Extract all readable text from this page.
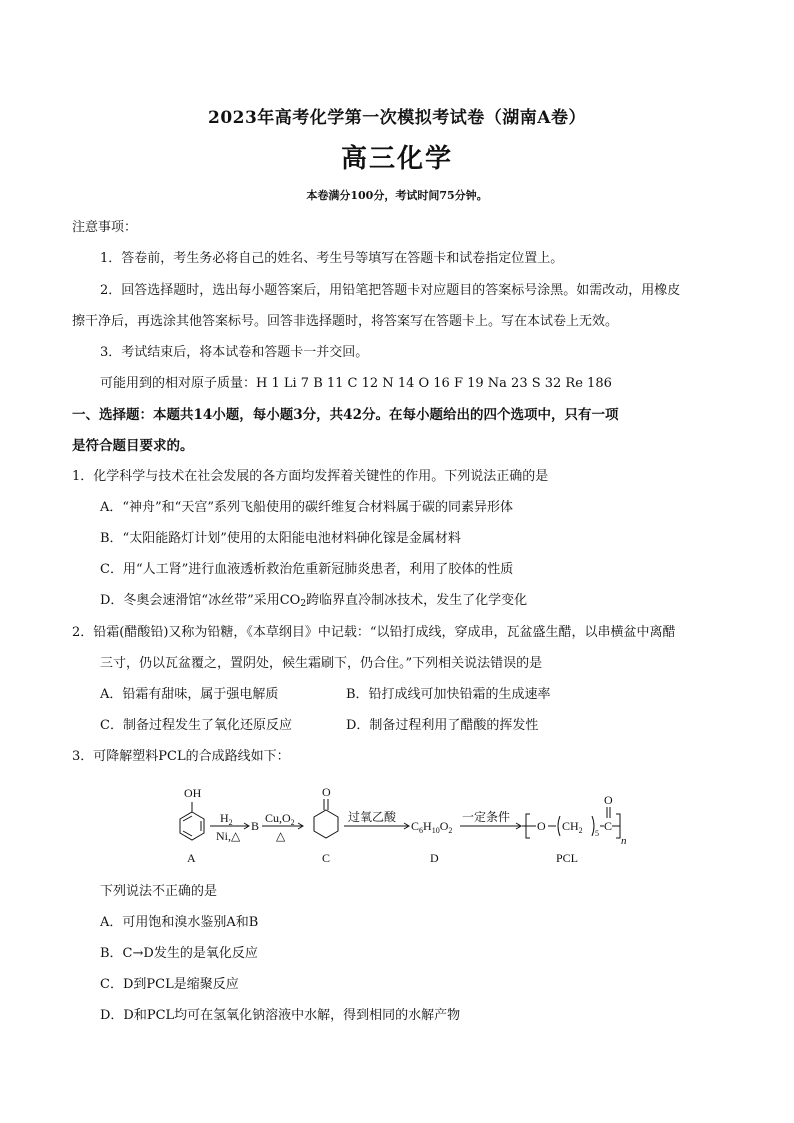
2023年高考化学第一次模拟考试卷（湖南A卷）
高三化学
本卷满分100分，考试时间75分钟。
注意事项：
1．答卷前，考生务必将自己的姓名、考生号等填写在答题卡和试卷指定位置上。
2．回答选择题时，选出每小题答案后，用铅笔把答题卡对应题目的答案标号涂黑。如需改动，用橡皮
擦干净后，再选涂其他答案标号。回答非选择题时，将答案写在答题卡上。写在本试卷上无效。
3．考试结束后，将本试卷和答题卡一并交回。
可能用到的相对原子质量：H 1 Li 7 B 11 C 12 N 14 O 16 F 19 Na 23 S 32 Re 186
一、选择题：本题共14小题，每小题3分，共42分。在每小题给出的四个选项中，只有一项
是符合题目要求的。
1．化学科学与技术在社会发展的各方面均发挥着关键性的作用。下列说法正确的是
A．“神舟”和“天宫”系列飞船使用的碳纤维复合材料属于碳的同素异形体
B．“太阳能路灯计划”使用的太阳能电池材料砷化镓是金属材料
C．用“人工肾”进行血液透析救治危重新冠肺炎患者，利用了胶体的性质
D．冬奥会速滑馆“冰丝带”采用$CO_2$跨临界直冷制冰技术，发生了化学变化
2．铅霜(醋酸铅)又称为铅糖，《本草纲目》中记载：“以铅打成线，穿成串，瓦盆盛生醋，以串横盆中离醋
三寸，仍以瓦盆覆之，置阴处，候生霜刷下，仍合住。”下列相关说法错误的是
A．铅霜有甜味，属于强电解质	B．铅打成线可加快铅霜的生成速率
C．制备过程发生了氧化还原反应	D．制备过程利用了醋酸的挥发性
3．可降解塑料PCL的合成路线如下：
OH
$H_2$
Ni,△
B
$Cu,O_2$
△
O
过氧乙酸
$C_6H_{10}O_2$
一定条件
O $CH_2$ 5
C
O
n
A	C	D	PCL
下列说法不正确的是
A．可用饱和溴水鉴别A和B
B．C→D发生的是氧化反应
C．D到PCL是缩聚反应
D．D和PCL均可在氢氧化钠溶液中水解，得到相同的水解产物
